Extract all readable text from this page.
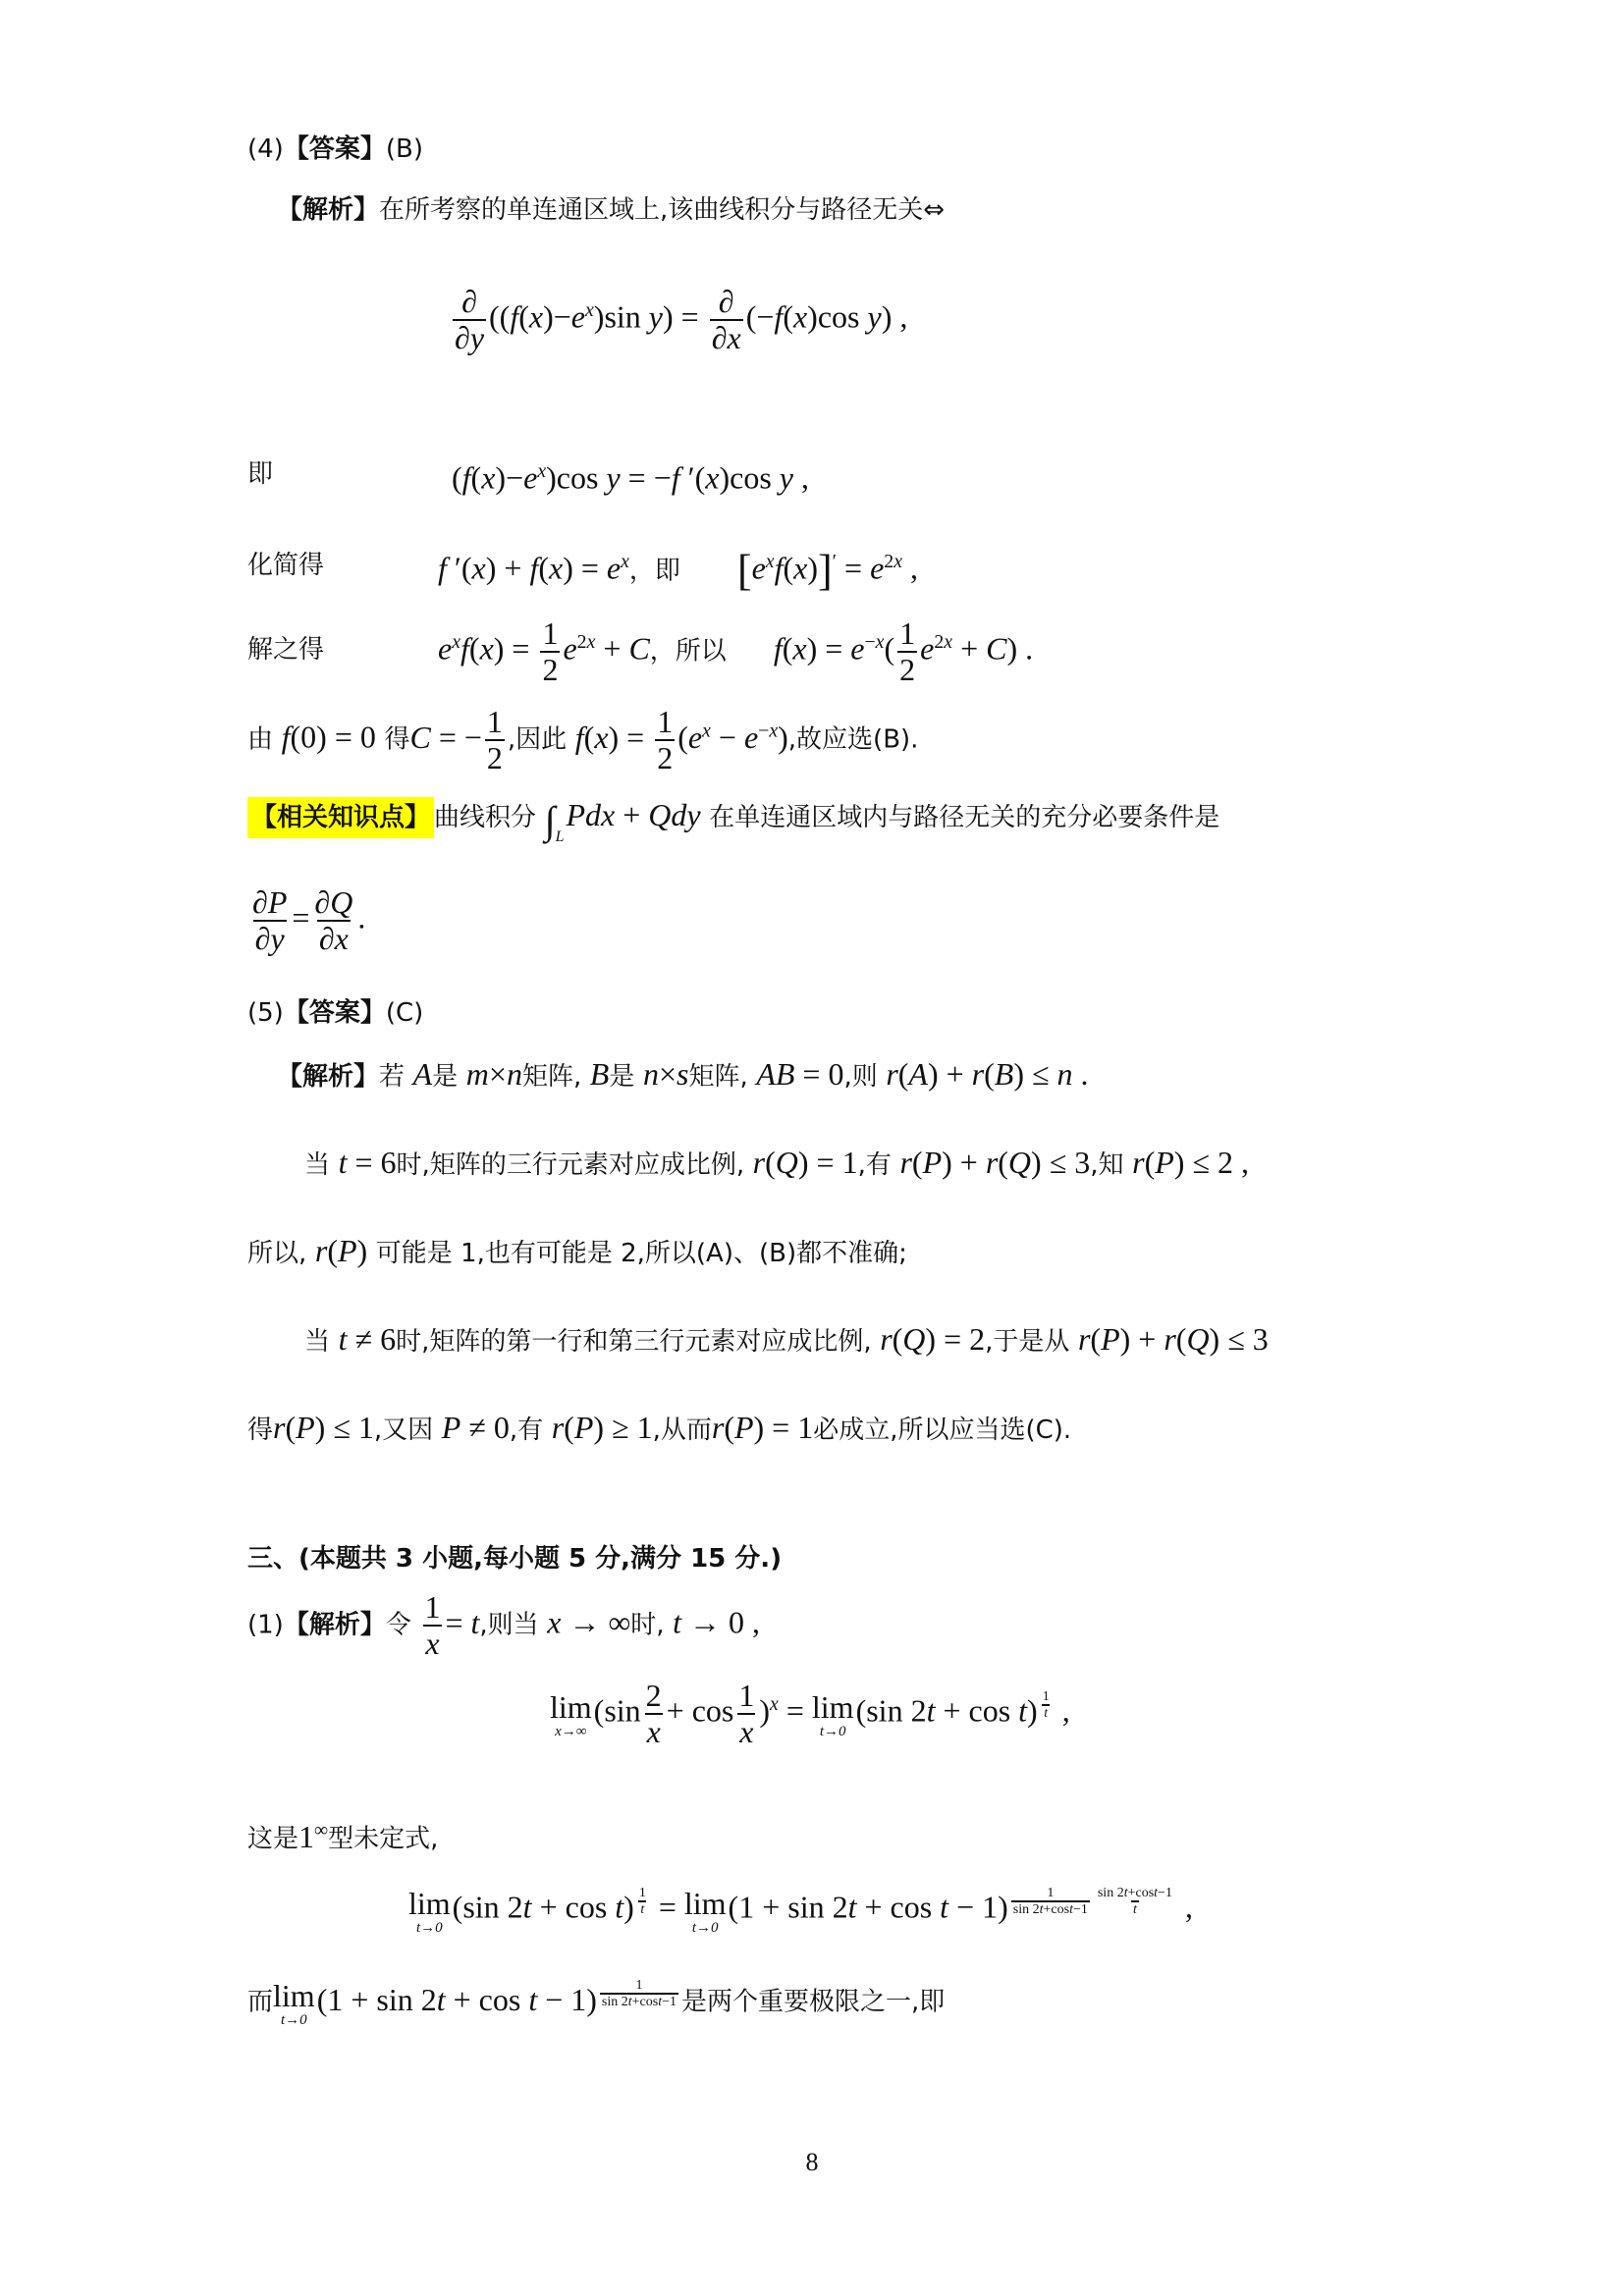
(4)【答案】(B)
【解析】在所考察的单连通区域上,该曲线积分与路径无关⇔
$\frac{\partial}{\partial y} ((f(x)-e^x)\sin$ $y) = \frac{\partial}{\partial x} (-f(x)\cos$ y) ,
即	$(f(x)-e^x)\cos$ y = −f ′(x)cos y ,
化简得	f $'(x) + f(x) = e^x$，即 $[e^xf(x)]' = e^{2x}$ ,
解之得	$e^xf(x) = \frac{1}{2} e^{2x} + C$，所以 $f(x) = e^{-x}( \frac{1}{2} e^{2x} + C)$ .
由 f(0) = 0 得C = − $\frac{1}{2}$ ,因此 $f(x) = \frac{1}{2} (e^x - e^{-x})$,故应选(B).
【相关知识点】 曲线积分 $\int_LPdx$ + Qdy 在单连通区域内与路径无关的充分必要条件是
$\frac{\partial P}{\partial y} = \frac{\partial Q}{\partial x}$ .
(5)【答案】(C)
【解析】若 A是 m×n矩阵, B是 n×s矩阵, AB = 0,则 r(A) + r(B) ≤ n .
当 t = 6时,矩阵的三行元素对应成比例, r(Q) = 1,有 r(P) + r(Q) ≤ 3,知 r(P) ≤ 2 ,
所以, r(P) 可能是 1,也有可能是 2,所以(A)、(B)都不准确;
当 t ≠ 6时,矩阵的第一行和第三行元素对应成比例, r(Q) = 2,于是从 r(P) + r(Q) ≤ 3
得r(P) ≤ 1,又因 P ≠ 0,有 r(P) ≥ 1,从而r(P) = 1必成立,所以应当选(C).
三、(本题共 3 小题,每小题 5 分,满分 15 分.)
(1)【解析】令 $\frac{1}{x} = t$,则当 x → ∞时, t → 0 ,
lim
x→∞
$(\sin \frac{2}{x} + \cos \frac{1}{x} )^x = \lim$
t→0
(sin 2t + cos t) $^{\frac{1}{t}}$ ,
这是1∞型未定式,
lim
t→0
(sin 2t + cos t) $^{\frac{1}{t}}$ = lim
t→0
(1 + sin 2t + cos t − 1) $^{\frac{1}{\sin 2t+\cos t-1} \frac{\sin 2t+\cos t-1}{t}}$ ,
而 lim
t→0
(1 + sin 2t + cos t − 1) $^{\frac{1}{\sin 2t+\cos t-1}}$ 是两个重要极限之一,即
8
